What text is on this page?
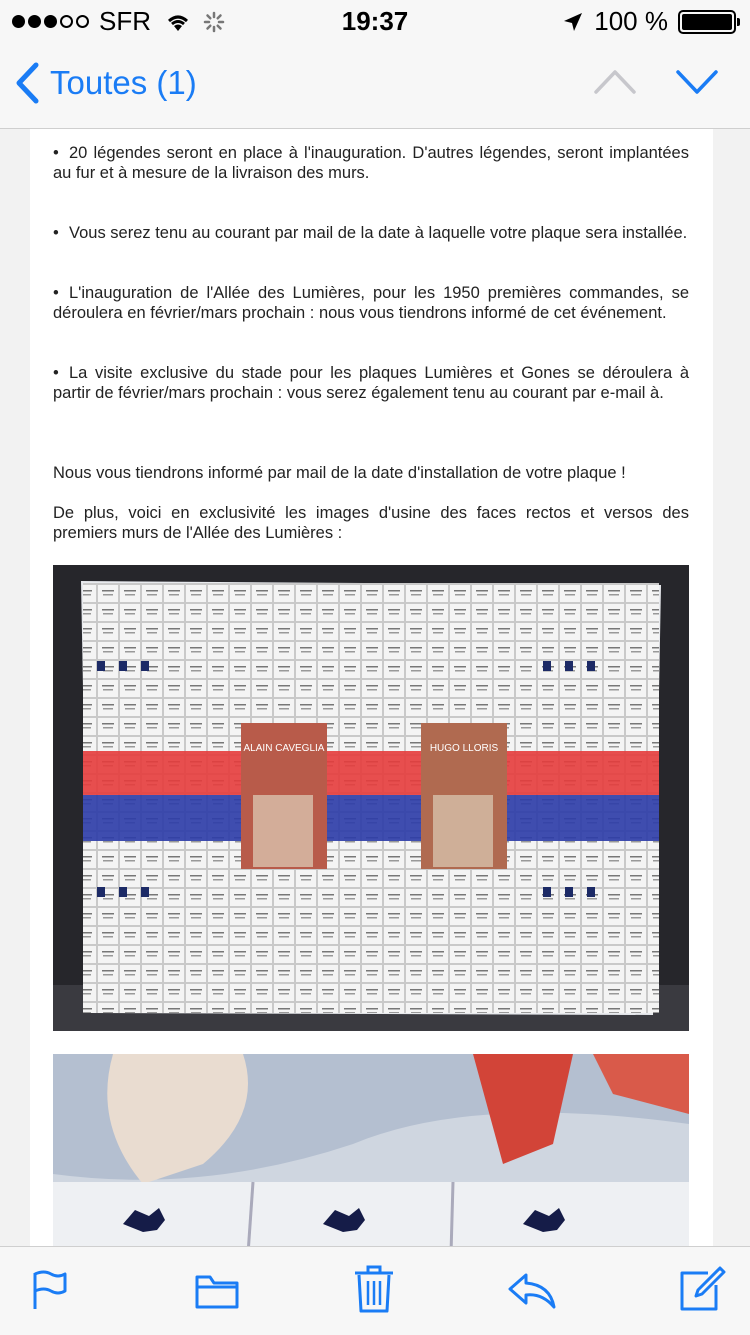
SFR	19:37	100 %
Toutes (1)

• 20 légendes seront en place à l'inauguration. D'autres légendes, seront implantées au fur et à mesure de la livraison des murs.

• Vous serez tenu au courant par mail de la date à laquelle votre plaque sera installée.

• L'inauguration de l'Allée des Lumières, pour les 1950 premières commandes, se déroulera en février/mars prochain : nous vous tiendrons informé de cet événement.

• La visite exclusive du stade pour les plaques Lumières et Gones se déroulera à partir de février/mars prochain : vous serez également tenu au courant par e-mail à.

Nous vous tiendrons informé par mail de la date d'installation de votre plaque !

De plus, voici en exclusivité les images d'usine des faces rectos et versos des premiers murs de l'Allée des Lumières :

ALAIN CAVEGLIA	HUGO LLORIS
